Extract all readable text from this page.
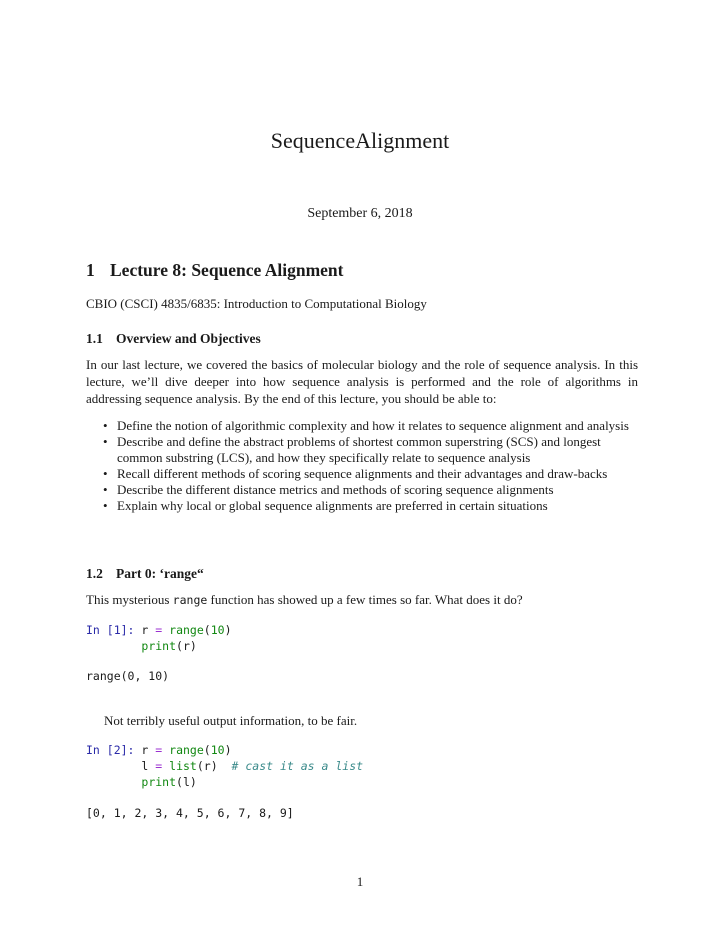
SequenceAlignment
September 6, 2018
1 Lecture 8: Sequence Alignment
CBIO (CSCI) 4835/6835: Introduction to Computational Biology
1.1 Overview and Objectives
In our last lecture, we covered the basics of molecular biology and the role of sequence analysis. In this lecture, we’ll dive deeper into how sequence analysis is performed and the role of algorithms in addressing sequence analysis. By the end of this lecture, you should be able to:
• Define the notion of algorithmic complexity and how it relates to sequence alignment and analysis
• Describe and define the abstract problems of shortest common superstring (SCS) and longest common substring (LCS), and how they specifically relate to sequence analysis
• Recall different methods of scoring sequence alignments and their advantages and draw-backs
• Describe the different distance metrics and methods of scoring sequence alignments
• Explain why local or global sequence alignments are preferred in certain situations
1.2 Part 0: ‘range“
This mysterious range function has showed up a few times so far. What does it do?
In [1]: r = range(10)
print(r)
range(0, 10)
Not terribly useful output information, to be fair.
In [2]: r = range(10)
l = list(r)  # cast it as a list
print(l)
[0, 1, 2, 3, 4, 5, 6, 7, 8, 9]
1
